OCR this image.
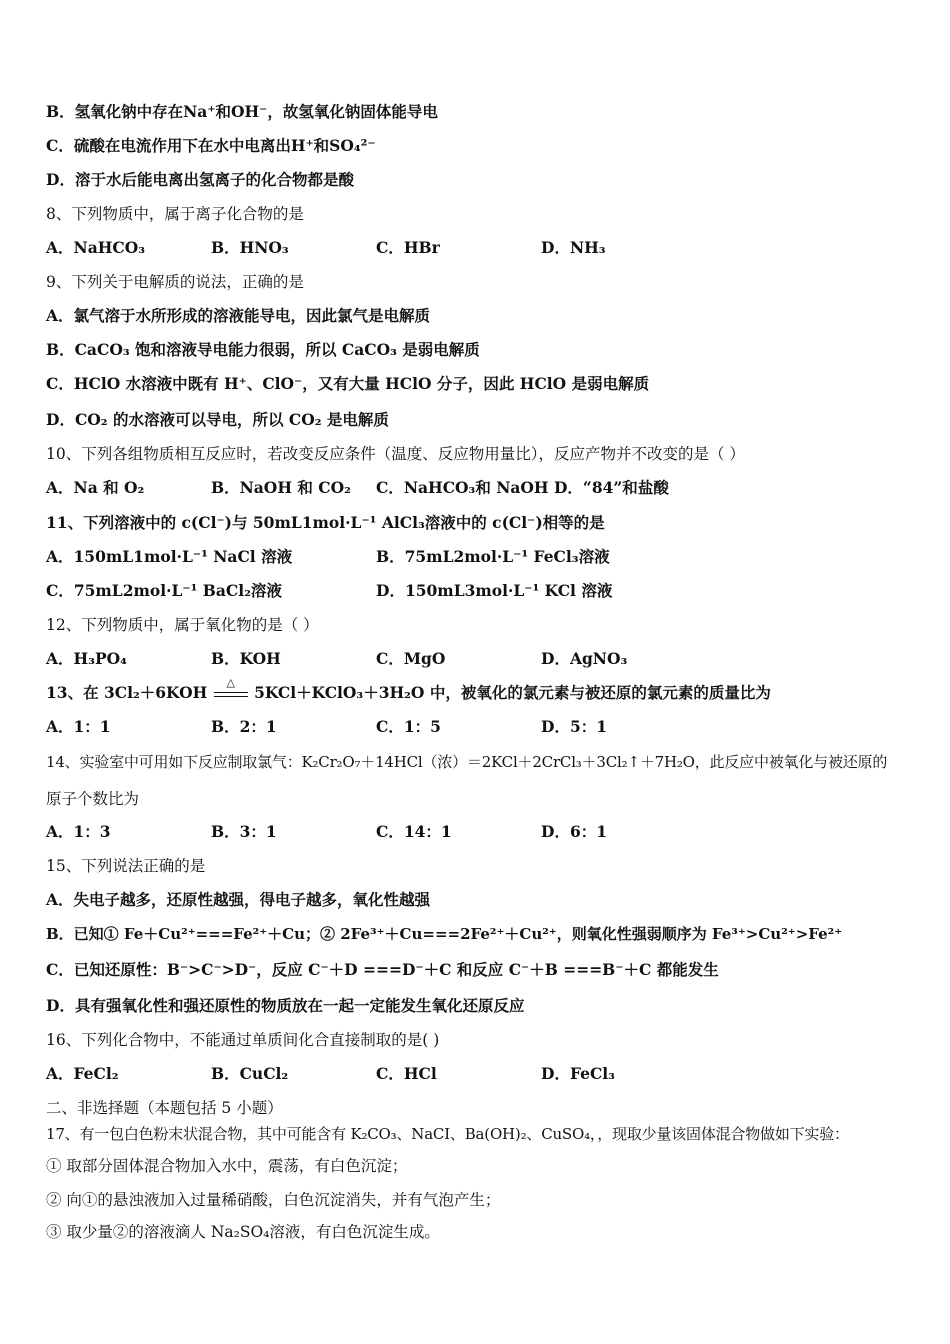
B．氢氧化钠中存在Na⁺和OH⁻，故氢氧化钠固体能导电
C．硫酸在电流作用下在水中电离出H⁺和SO₄²⁻
D．溶于水后能电离出氢离子的化合物都是酸
8、下列物质中，属于离子化合物的是
A．NaHCO₃	B．HNO₃	C．HBr	D．NH₃
9、下列关于电解质的说法，正确的是
A．氯气溶于水所形成的溶液能导电，因此氯气是电解质
B．CaCO₃ 饱和溶液导电能力很弱，所以 CaCO₃ 是弱电解质
C．HClO 水溶液中既有 H⁺、ClO⁻，又有大量 HClO 分子，因此 HClO 是弱电解质
D．CO₂ 的水溶液可以导电，所以 CO₂ 是电解质
10、下列各组物质相互反应时，若改变反应条件（温度、反应物用量比），反应产物并不改变的是（ ）
A．Na 和 O₂	B．NaOH 和 CO₂ C．NaHCO₃和 NaOH D．“84”和盐酸
11、下列溶液中的 c(Cl⁻)与 50mL1mol·L⁻¹ AlCl₃溶液中的 c(Cl⁻)相等的是
A．150mL1mol·L⁻¹ NaCl 溶液	B．75mL2mol·L⁻¹ FeCl₃溶液
C．75mL2mol·L⁻¹ BaCl₂溶液	D．150mL3mol·L⁻¹ KCl 溶液
12、下列物质中，属于氧化物的是（ ）
A．H₃PO₄	B．KOH	C．MgO	D．AgNO₃
13、在 3Cl₂＋6KOH
△
5KCl＋KClO₃＋3H₂O 中，被氧化的氯元素与被还原的氯元素的质量比为
A．1：1	B．2：1	C．1：5	D．5：1
14、实验室中可用如下反应制取氯气：K₂Cr₂O₇＋14HCl（浓）＝2KCl＋2CrCl₃＋3Cl₂↑＋7H₂O，此反应中被氧化与被还原的
原子个数比为
A．1：3	B．3：1	C．14：1	D．6：1
15、下列说法正确的是
A．失电子越多，还原性越强，得电子越多，氧化性越强
B．已知① Fe＋Cu²⁺===Fe²⁺＋Cu；② 2Fe³⁺＋Cu===2Fe²⁺＋Cu²⁺，则氧化性强弱顺序为 Fe³⁺>Cu²⁺>Fe²⁺
C．已知还原性：B⁻>C⁻>D⁻，反应 C⁻＋D ===D⁻＋C 和反应 C⁻＋B ===B⁻＋C 都能发生
D．具有强氧化性和强还原性的物质放在一起一定能发生氧化还原反应
16、下列化合物中，不能通过单质间化合直接制取的是( )
A．FeCl₂	B．CuCl₂	C．HCl	D．FeCl₃
二、非选择题（本题包括 5 小题）
17、有一包白色粉末状混合物，其中可能含有 K₂CO₃、NaCI、Ba(OH)₂、CuSO₄，，现取少量该固体混合物做如下实验：
① 取部分固体混合物加入水中，震荡，有白色沉淀；
② 向①的悬浊液加入过量稀硝酸，白色沉淀消失，并有气泡产生；
③ 取少量②的溶液滴人 Na₂SO₄溶液，有白色沉淀生成。
